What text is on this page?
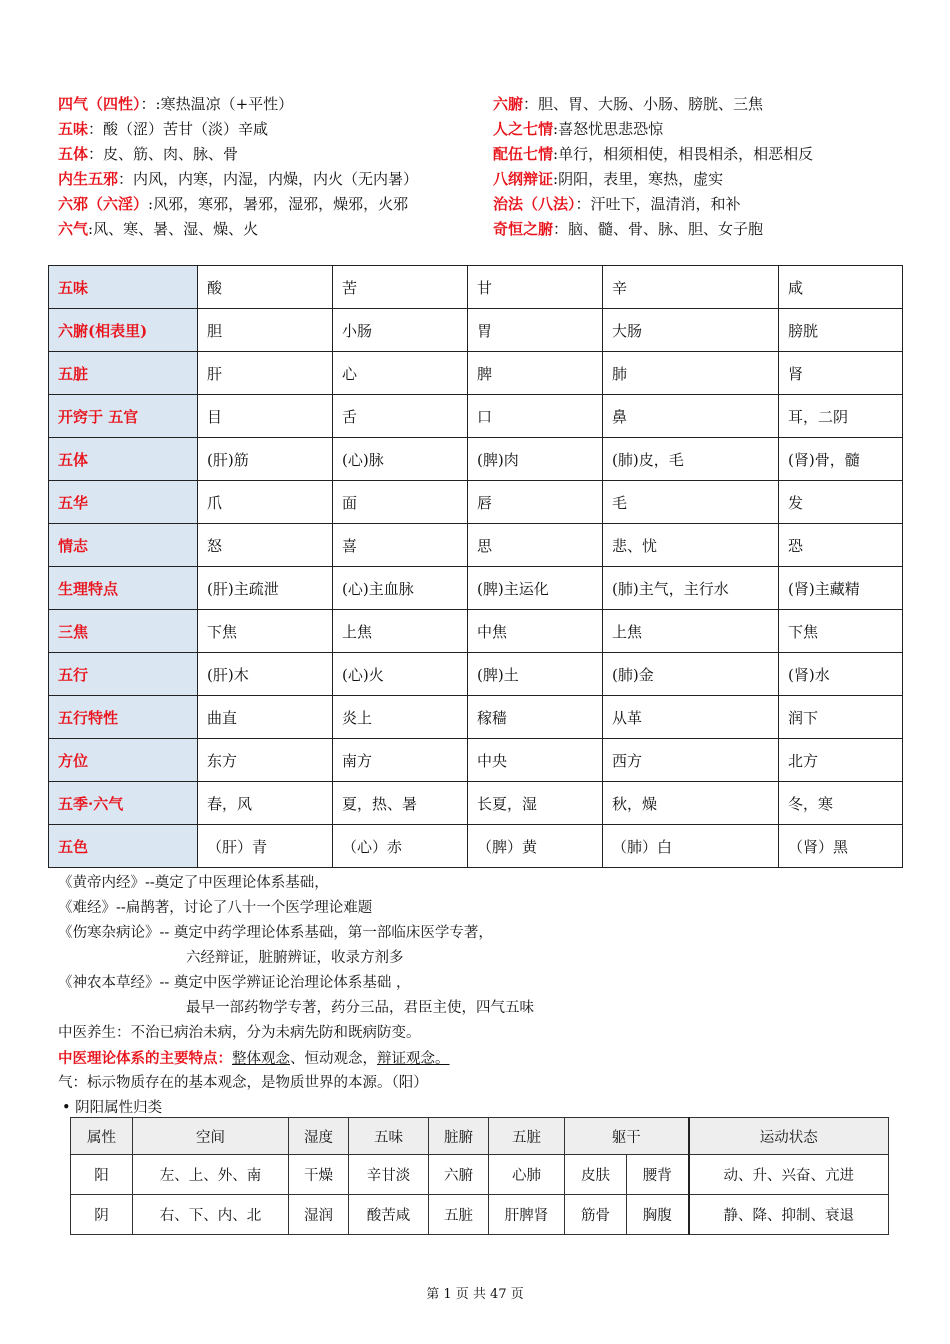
四气（四性）：:寒热温凉（+平性）
五味：酸（涩）苦甘（淡）辛咸
五体：皮、筋、肉、脉、骨
内生五邪：内风，内寒，内湿，内燥，内火（无内暑）
六邪（六淫）:风邪，寒邪，暑邪，湿邪，燥邪，火邪
六气:风、寒、暑、湿、燥、火
六腑：胆、胃、大肠、小肠、膀胱、三焦
人之七情:喜怒忧思悲恐惊
配伍七情:单行，相须相使，相畏相杀，相恶相反
八纲辩证:阴阳，表里，寒热，虚实
治法（八法）：汗吐下，温清消，和补
奇恒之腑：脑、髓、骨、脉、胆、女子胞
五味	酸	苦	甘	辛	咸
六腑(相表里)	胆	小肠	胃	大肠	膀胱
五脏	肝	心	脾	肺	肾
开窍于 五官	目	舌	口	鼻	耳，二阴
五体	(肝)筋	(心)脉	(脾)肉	(肺)皮，毛	(肾)骨，髓
五华	爪	面	唇	毛	发
情志	怒	喜	思	悲、忧	恐
生理特点	(肝)主疏泄	(心)主血脉	(脾)主运化	(肺)主气，主行水	(肾)主藏精
三焦	下焦	上焦	中焦	上焦	下焦
五行	(肝)木	(心)火	(脾)土	(肺)金	(肾)水
五行特性	曲直	炎上	稼穑	从革	润下
方位	东方	南方	中央	西方	北方
五季·六气	春，风	夏，热、暑	长夏，湿	秋，燥	冬，寒
五色	（肝）青	（心）赤	（脾）黄	（肺）白	（肾）黑
《黄帝内经》--奠定了中医理论体系基础，
《难经》--扁鹊著，讨论了八十一个医学理论难题
《伤寒杂病论》-- 奠定中药学理论体系基础，第一部临床医学专著，
六经辩证，脏腑辨证，收录方剂多
《神农本草经》-- 奠定中医学辨证论治理论体系基础 ，
最早一部药物学专著，药分三品，君臣主使，四气五味
中医养生：不治已病治未病，分为未病先防和既病防变。
中医理论体系的主要特点：整体观念、恒动观念，辩证观念。
气：标示物质存在的基本观念，是物质世界的本源。（阳）
• 阴阳属性归类
属性	空间	湿度	五味	脏腑	五脏	躯干		运动状态
阳	左、上、外、南	干燥	辛甘淡	六腑	心肺	皮肤	腰背	动、升、兴奋、亢进
阴	右、下、内、北	湿润	酸苦咸	五脏	肝脾肾	筋骨	胸腹	静、降、抑制、衰退
第 1 页 共 47 页
